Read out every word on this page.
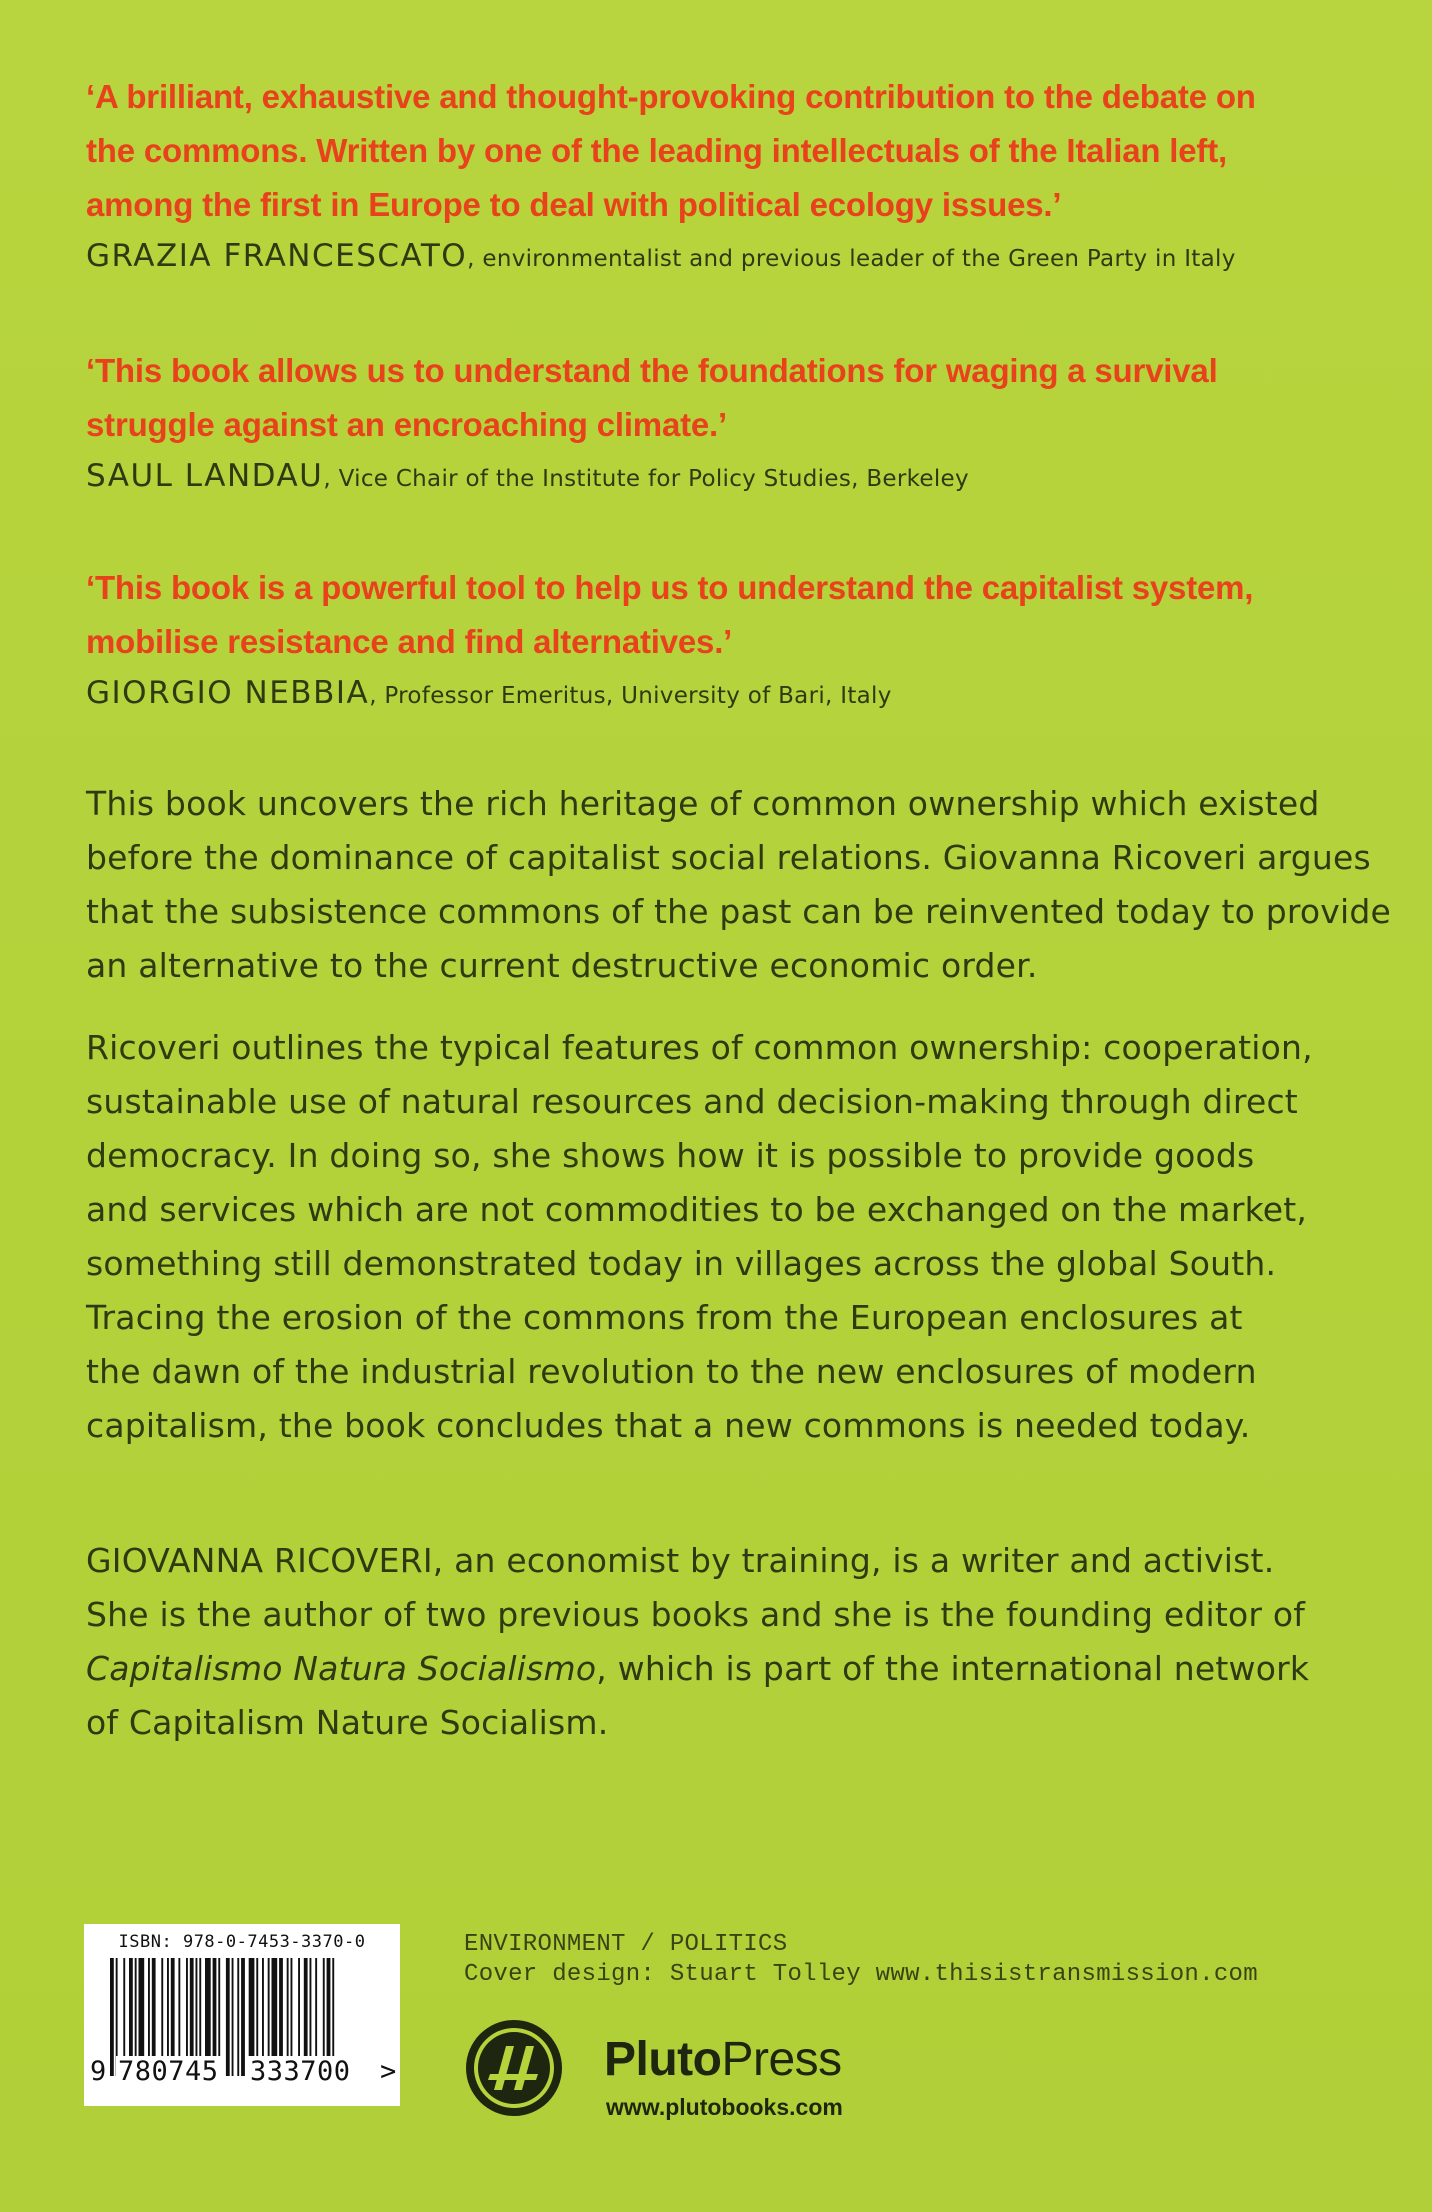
‘A brilliant, exhaustive and thought-provoking contribution to the debate on
the commons. Written by one of the leading intellectuals of the Italian left,
among the first in Europe to deal with political ecology issues.’

GRAZIA FRANCESCATO, environmentalist and previous leader of the Green Party in Italy

‘This book allows us to understand the foundations for waging a survival
struggle against an encroaching climate.’

SAUL LANDAU, Vice Chair of the Institute for Policy Studies, Berkeley

‘This book is a powerful tool to help us to understand the capitalist system,
mobilise resistance and find alternatives.’

GIORGIO NEBBIA, Professor Emeritus, University of Bari, Italy

This book uncovers the rich heritage of common ownership which existed
before the dominance of capitalist social relations. Giovanna Ricoveri argues
that the subsistence commons of the past can be reinvented today to provide
an alternative to the current destructive economic order.

Ricoveri outlines the typical features of common ownership: cooperation,
sustainable use of natural resources and decision-making through direct
democracy. In doing so, she shows how it is possible to provide goods
and services which are not commodities to be exchanged on the market,
something still demonstrated today in villages across the global South.
Tracing the erosion of the commons from the European enclosures at
the dawn of the industrial revolution to the new enclosures of modern
capitalism, the book concludes that a new commons is needed today.

GIOVANNA RICOVERI, an economist by training, is a writer and activist.
She is the author of two previous books and she is the founding editor of
Capitalismo Natura Socialismo, which is part of the international network
of Capitalism Nature Socialism.

ISBN: 978-0-7453-3370-0
9 780745 333700 >
ENVIRONMENT / POLITICS
Cover design: Stuart Tolley www.thisistransmission.com
PlutoPress
www.plutobooks.com
